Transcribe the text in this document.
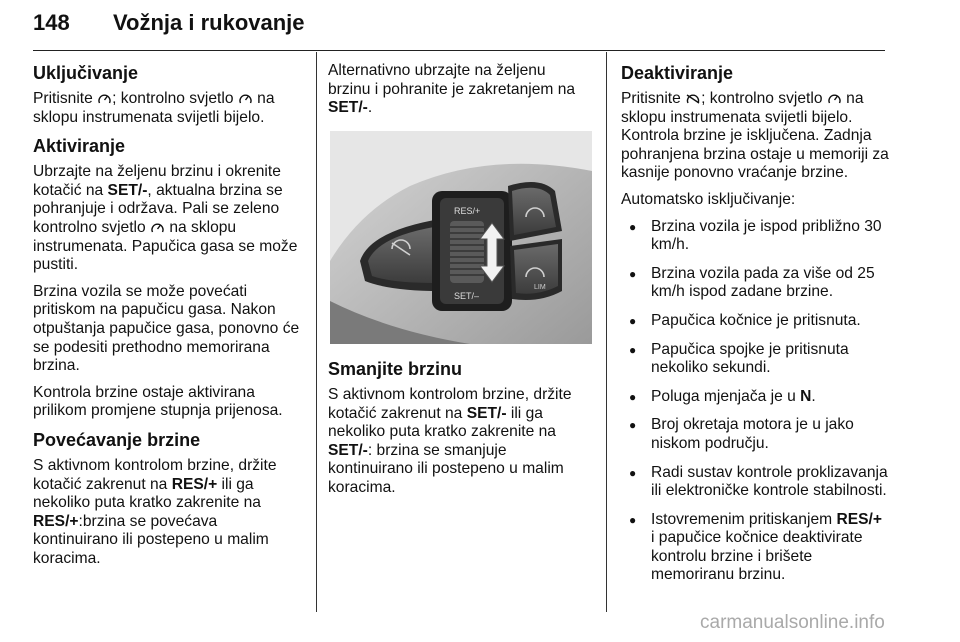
148 Vožnja i rukovanje
Uključivanje

Pritisnite ; kontrolno svjetlo  na sklopu instrumenata svijetli bijelo.

Aktiviranje

Ubrzajte na željenu brzinu i okrenite kotačić na SET/-, aktualna brzina se pohranjuje i održava. Pali se zeleno kontrolno svjetlo  na sklopu instrumenata. Papučica gasa se može pustiti.

Brzina vozila se može povećati pritiskom na papučicu gasa. Nakon otpuštanja papučice gasa, ponovno će se podesiti prethodno memorirana brzina.

Kontrola brzine ostaje aktivirana prilikom promjene stupnja prijenosa.

Povećavanje brzine

S aktivnom kontrolom brzine, držite kotačić zakrenut na RES/+ ili ga nekoliko puta kratko zakrenite na RES/+:brzina se povećava kontinuirano ili postepeno u malim koracima.

Alternativno ubrzajte na željenu brzinu i pohranite je zakretanjem na SET/-.

RES/+
SET/–
LIM
Smanjite brzinu

S aktivnom kontrolom brzine, držite kotačić zakrenut na SET/- ili ga nekoliko puta kratko zakrenite na SET/-: brzina se smanjuje kontinuirano ili postepeno u malim koracima.

Deaktiviranje

Pritisnite ; kontrolno svjetlo  na sklopu instrumenata svijetli bijelo. Kontrola brzine je isključena. Zadnja pohranjena brzina ostaje u memoriji za kasnije ponovno vraćanje brzine.

Automatsko isključivanje:

● Brzina vozila je ispod približno 30 km/h.
● Brzina vozila pada za više od 25 km/h ispod zadane brzine.
● Papučica kočnice je pritisnuta.
● Papučica spojke je pritisnuta nekoliko sekundi.
● Poluga mjenjača je u N.
● Broj okretaja motora je u jako niskom području.
● Radi sustav kontrole proklizavanja ili elektroničke kontrole stabilnosti.
● Istovremenim pritiskanjem RES/+ i papučice kočnice deaktivirate kontrolu brzine i brišete memoriranu brzinu.
carmanualsonline.info
